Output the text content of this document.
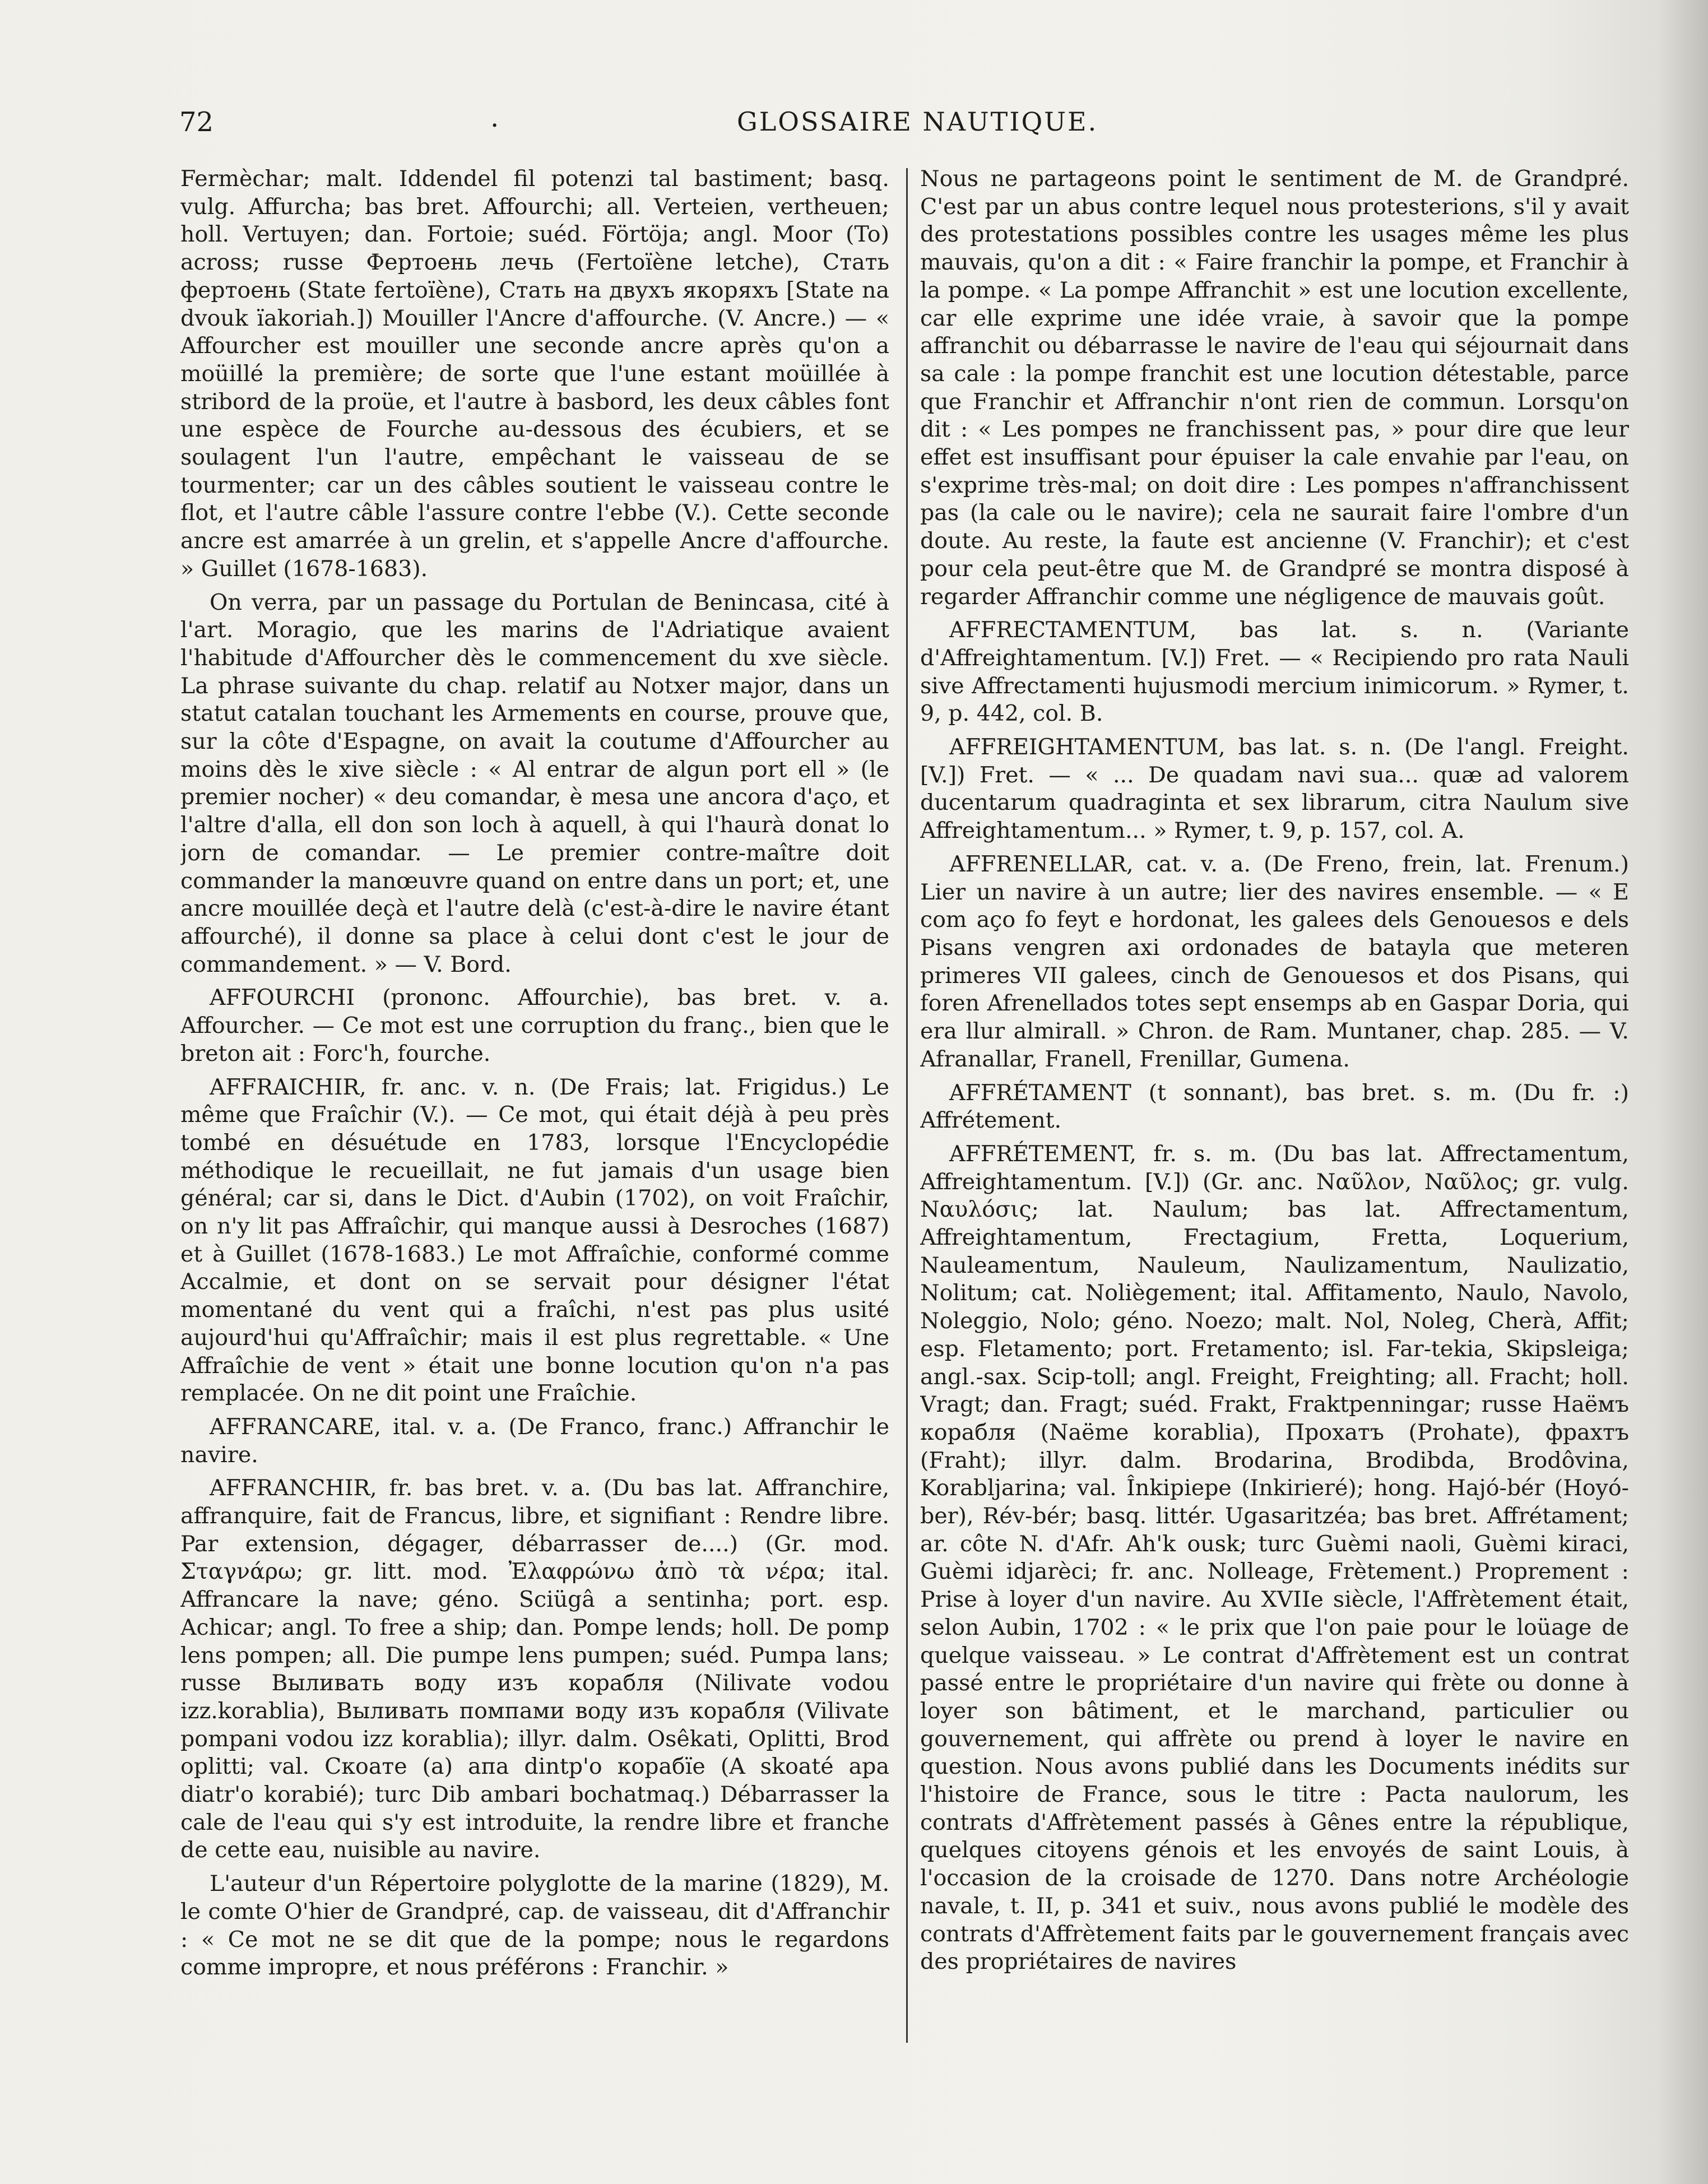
72	.	GLOSSAIRE NAUTIQUE.

Fermèchar; malt. Iddendel fil potenzi tal bastiment; basq. vulg. Affurcha; bas bret. Affourchi; all. Verteien, vertheuen; holl. Vertuyen; dan. Fortoie; suéd. Förtöja; angl. Moor (To) across; russe Фертоень лечь (Fertoïène letche), Стать фертоень (State fertoïène), Стать на двухъ якоряхъ [State na dvouk ïakoriah.]) Mouiller l'Ancre d'affourche. (V. Ancre.) — « Affourcher est mouiller une seconde ancre après qu'on a moüillé la première; de sorte que l'une estant moüillée à stribord de la proüe, et l'autre à basbord, les deux câbles font une espèce de Fourche au-dessous des écubiers, et se soulagent l'un l'autre, empêchant le vaisseau de se tourmenter; car un des câbles soutient le vaisseau contre le flot, et l'autre câble l'assure contre l'ebbe (V.). Cette seconde ancre est amarrée à un grelin, et s'appelle Ancre d'affourche. » Guillet (1678-1683).

On verra, par un passage du Portulan de Benincasa, cité à l'art. Moragio, que les marins de l'Adriatique avaient l'habitude d'Affourcher dès le commencement du xve siècle. La phrase suivante du chap. relatif au Notxer major, dans un statut catalan touchant les Armements en course, prouve que, sur la côte d'Espagne, on avait la coutume d'Affourcher au moins dès le xive siècle : « Al entrar de algun port ell » (le premier nocher) « deu comandar, è mesa une ancora d'aço, et l'altre d'alla, ell don son loch à aquell, à qui l'haurà donat lo jorn de comandar. — Le premier contre-maître doit commander la manœuvre quand on entre dans un port; et, une ancre mouillée deçà et l'autre delà (c'est-à-dire le navire étant affourché), il donne sa place à celui dont c'est le jour de commandement. » — V. Bord.

AFFOURCHI (prononc. Affourchie), bas bret. v. a. Affourcher. — Ce mot est une corruption du franç., bien que le breton ait : Forc'h, fourche.

AFFRAICHIR, fr. anc. v. n. (De Frais; lat. Frigidus.) Le même que Fraîchir (V.). — Ce mot, qui était déjà à peu près tombé en désuétude en 1783, lorsque l'Encyclopédie méthodique le recueillait, ne fut jamais d'un usage bien général; car si, dans le Dict. d'Aubin (1702), on voit Fraîchir, on n'y lit pas Affraîchir, qui manque aussi à Desroches (1687) et à Guillet (1678-1683.) Le mot Affraîchie, conformé comme Accalmie, et dont on se servait pour désigner l'état momentané du vent qui a fraîchi, n'est pas plus usité aujourd'hui qu'Affraîchir; mais il est plus regrettable. « Une Affraîchie de vent » était une bonne locution qu'on n'a pas remplacée. On ne dit point une Fraîchie.

AFFRANCARE, ital. v. a. (De Franco, franc.) Affranchir le navire.

AFFRANCHIR, fr. bas bret. v. a. (Du bas lat. Affranchire, affranquire, fait de Francus, libre, et signifiant : Rendre libre. Par extension, dégager, débarrasser de....) (Gr. mod. Σταγνάρω; gr. litt. mod. Ἐλαφρώνω ἀπὸ τὰ νέρα; ital. Affrancare la nave; géno. Sciügâ a sentinha; port. esp. Achicar; angl. To free a ship; dan. Pompe lends; holl. De pomp lens pompen; all. Die pumpe lens pumpen; suéd. Pumpa lans; russe Выливать воду изъ корабля (Nilivate vodou izz.korablia), Выливать помпами воду изъ корабля (Vilivate pompani vodou izz korablia); illyr. dalm. Osêkati, Oplitti, Brod oplitti; val. Скоате (a) апа dintp'о корабïе (A skoaté apa diatr'o korabié); turc Dib ambari bochatmaq.) Débarrasser la cale de l'eau qui s'y est introduite, la rendre libre et franche de cette eau, nuisible au navire.

L'auteur d'un Répertoire polyglotte de la marine (1829), M. le comte O'hier de Grandpré, cap. de vaisseau, dit d'Affranchir : « Ce mot ne se dit que de la pompe; nous le regardons comme impropre, et nous préférons : Franchir. »

Nous ne partageons point le sentiment de M. de Grandpré. C'est par un abus contre lequel nous protesterions, s'il y avait des protestations possibles contre les usages même les plus mauvais, qu'on a dit : « Faire franchir la pompe, et Franchir à la pompe. « La pompe Affranchit » est une locution excellente, car elle exprime une idée vraie, à savoir que la pompe affranchit ou débarrasse le navire de l'eau qui séjournait dans sa cale : la pompe franchit est une locution détestable, parce que Franchir et Affranchir n'ont rien de commun. Lorsqu'on dit : « Les pompes ne franchissent pas, » pour dire que leur effet est insuffisant pour épuiser la cale envahie par l'eau, on s'exprime très-mal; on doit dire : Les pompes n'affranchissent pas (la cale ou le navire); cela ne saurait faire l'ombre d'un doute. Au reste, la faute est ancienne (V. Franchir); et c'est pour cela peut-être que M. de Grandpré se montra disposé à regarder Affranchir comme une négligence de mauvais goût.

AFFRECTAMENTUM, bas lat. s. n. (Variante d'Affreightamentum. [V.]) Fret. — « Recipiendo pro rata Nauli sive Affrectamenti hujusmodi mercium inimicorum. » Rymer, t. 9, p. 442, col. B.

AFFREIGHTAMENTUM, bas lat. s. n. (De l'angl. Freight. [V.]) Fret. — « ... De quadam navi sua... quæ ad valorem ducentarum quadraginta et sex librarum, citra Naulum sive Affreightamentum... » Rymer, t. 9, p. 157, col. A.

AFFRENELLAR, cat. v. a. (De Freno, frein, lat. Frenum.) Lier un navire à un autre; lier des navires ensemble. — « E com aço fo feyt e hordonat, les galees dels Genouesos e dels Pisans vengren axi ordonades de batayla que meteren primeres VII galees, cinch de Genouesos et dos Pisans, qui foren Afrenellados totes sept ensemps ab en Gaspar Doria, qui era llur almirall. » Chron. de Ram. Muntaner, chap. 285. — V. Afranallar, Franell, Frenillar, Gumena.

AFFRÉTAMENT (t sonnant), bas bret. s. m. (Du fr. :) Affrétement.

AFFRÉTEMENT, fr. s. m. (Du bas lat. Affrectamentum, Affreightamentum. [V.]) (Gr. anc. Ναῦλον, Ναῦλος; gr. vulg. Ναυλόσις; lat. Naulum; bas lat. Affrectamentum, Affreightamentum, Frectagium, Fretta, Loquerium, Nauleamentum, Nauleum, Naulizamentum, Naulizatio, Nolitum; cat. Noliègement; ital. Affitamento, Naulo, Navolo, Noleggio, Nolo; géno. Noezo; malt. Nol, Noleg, Cherà, Affit; esp. Fletamento; port. Fretamento; isl. Far-tekia, Skipsleiga; angl.-sax. Scip-toll; angl. Freight, Freighting; all. Fracht; holl. Vragt; dan. Fragt; suéd. Frakt, Fraktpenningar; russe Наёмъ корабля (Naëme korablia), Прохатъ (Prohate), фрахтъ (Fraht); illyr. dalm. Brodarina, Brodibda, Brodôvina, Korabljarina; val. Înkipiepe (Inkirieré); hong. Hajó-bér (Hoyó-ber), Rév-bér; basq. littér. Ugasaritzéa; bas bret. Affrétament; ar. côte N. d'Afr. Ah'k ousk; turc Guèmi naoli, Guèmi kiraci, Guèmi idjarèci; fr. anc. Nolleage, Frètement.) Proprement : Prise à loyer d'un navire. Au XVIIe siècle, l'Affrètement était, selon Aubin, 1702 : « le prix que l'on paie pour le loüage de quelque vaisseau. » Le contrat d'Affrètement est un contrat passé entre le propriétaire d'un navire qui frète ou donne à loyer son bâtiment, et le marchand, particulier ou gouvernement, qui affrète ou prend à loyer le navire en question. Nous avons publié dans les Documents inédits sur l'histoire de France, sous le titre : Pacta naulorum, les contrats d'Affrètement passés à Gênes entre la république, quelques citoyens génois et les envoyés de saint Louis, à l'occasion de la croisade de 1270. Dans notre Archéologie navale, t. II, p. 341 et suiv., nous avons publié le modèle des contrats d'Affrètement faits par le gouvernement français avec des propriétaires de navires
